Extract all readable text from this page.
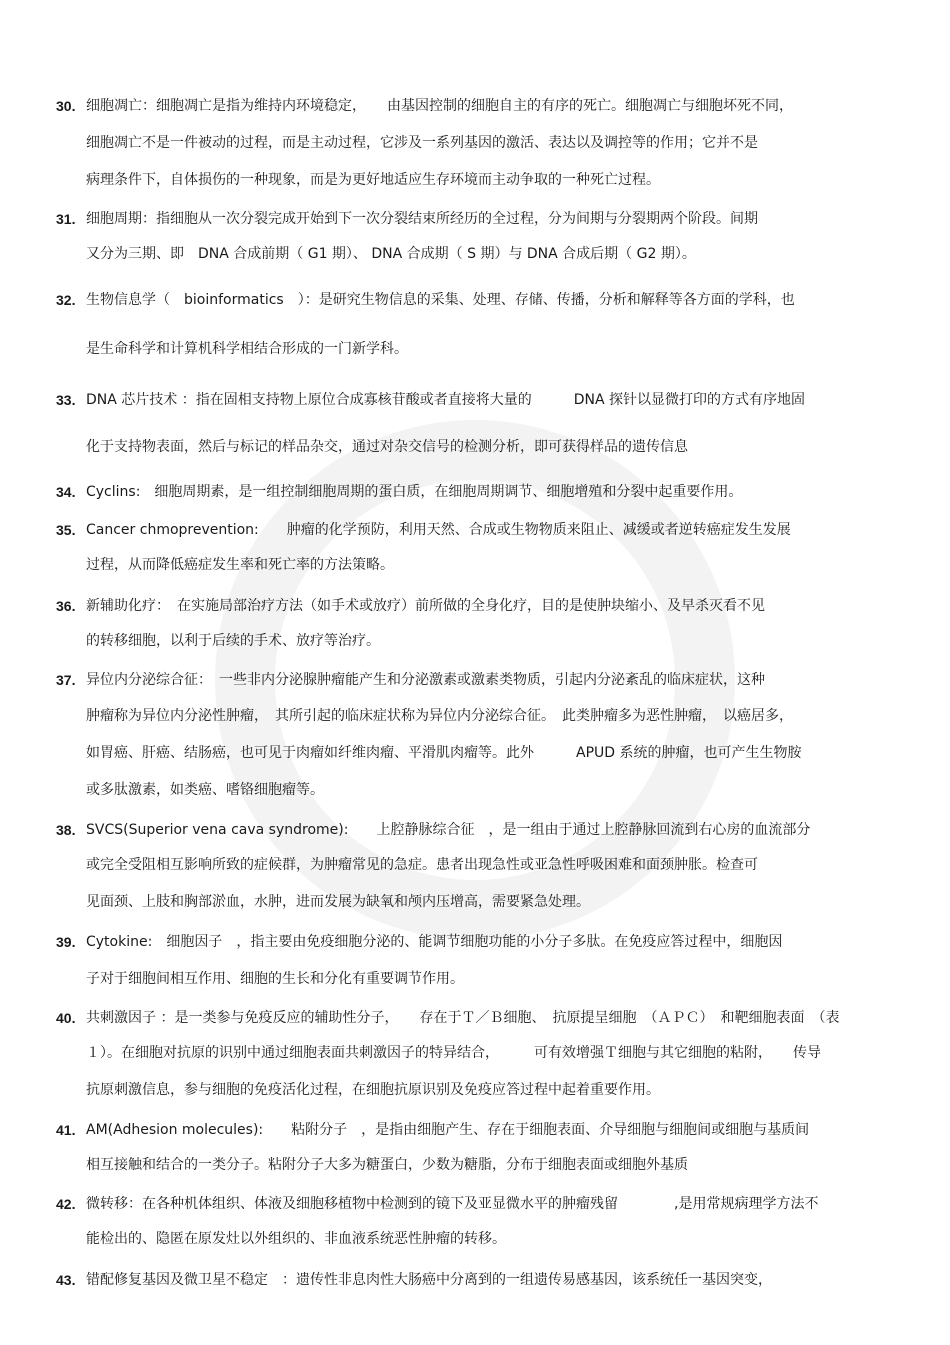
30. 细胞凋亡：细胞凋亡是指为维持内环境稳定，　　由基因控制的细胞自主的有序的死亡。细胞凋亡与细胞坏死不同，
细胞凋亡不是一件被动的过程，而是主动过程，它涉及一系列基因的激活、表达以及调控等的作用；它并不是
病理条件下，自体损伤的一种现象，而是为更好地适应生存环境而主动争取的一种死亡过程。
31. 细胞周期：指细胞从一次分裂完成开始到下一次分裂结束所经历的全过程，分为间期与分裂期两个阶段。间期
又分为三期、即　DNA 合成前期（ G1 期）、 DNA 合成期（ S 期）与 DNA 合成后期（ G2 期）。
32. 生物信息学（　bioinformatics　）：是研究生物信息的采集、处理、存储、传播，分析和解释等各方面的学科，也
是生命科学和计算机科学相结合形成的一门新学科。
33. DNA 芯片技术 ：指在固相支持物上原位合成寡核苷酸或者直接将大量的　　　DNA 探针以显微打印的方式有序地固
化于支持物表面，然后与标记的样品杂交，通过对杂交信号的检测分析，即可获得样品的遗传信息
34. Cyclins:　细胞周期素，是一组控制细胞周期的蛋白质，在细胞周期调节、细胞增殖和分裂中起重要作用。
35. Cancer chmoprevention:　　肿瘤的化学预防，利用天然、合成或生物物质来阻止、减缓或者逆转癌症发生发展
过程，从而降低癌症发生率和死亡率的方法策略。
36. 新辅助化疗：　在实施局部治疗方法（如手术或放疗）前所做的全身化疗，目的是使肿块缩小、及早杀灭看不见
的转移细胞，以利于后续的手术、放疗等治疗。
37. 异位内分泌综合征：　一些非内分泌腺肿瘤能产生和分泌激素或激素类物质，引起内分泌紊乱的临床症状，这种
肿瘤称为异位内分泌性肿瘤，　其所引起的临床症状称为异位内分泌综合征。　此类肿瘤多为恶性肿瘤，　以癌居多，
如胃癌、肝癌、结肠癌，也可见于肉瘤如纤维肉瘤、平滑肌肉瘤等。此外　　　APUD 系统的肿瘤，也可产生生物胺
或多肽激素，如类癌、嗜铬细胞瘤等。
38. SVCS(Superior vena cava syndrome):　　上腔静脉综合征　，是一组由于通过上腔静脉回流到右心房的血流部分
或完全受阻相互影响所致的症候群，为肿瘤常见的急症。患者出现急性或亚急性呼吸困难和面颈肿胀。检查可
见面颈、上肢和胸部淤血，水肿，进而发展为缺氧和颅内压增高，需要紧急处理。
39. Cytokine:　细胞因子　，指主要由免疫细胞分泌的、能调节细胞功能的小分子多肽。在免疫应答过程中，细胞因
子对于细胞间相互作用、细胞的生长和分化有重要调节作用。
40. 共刺激因子 ：是一类参与免疫反应的辅助性分子，　　存在于Ｔ／Ｂ细胞、　抗原提呈细胞　（ＡＰＣ）　和靶细胞表面　（表
１）。在细胞对抗原的识别中通过细胞表面共刺激因子的特异结合，　　　可有效增强Ｔ细胞与其它细胞的粘附，　　传导
抗原刺激信息，参与细胞的免疫活化过程，在细胞抗原识别及免疫应答过程中起着重要作用。
41. AM(Adhesion molecules):　　粘附分子　，是指由细胞产生、存在于细胞表面、介导细胞与细胞间或细胞与基质间
相互接触和结合的一类分子。粘附分子大多为糖蛋白，少数为糖脂，分布于细胞表面或细胞外基质
42. 微转移：在各种机体组织、体液及细胞移植物中检测到的镜下及亚显微水平的肿瘤残留　　　　,是用常规病理学方法不
能检出的、隐匿在原发灶以外组织的、非血液系统恶性肿瘤的转移。
43. 错配修复基因及微卫星不稳定　：遗传性非息肉性大肠癌中分离到的一组遗传易感基因，该系统任一基因突变，
